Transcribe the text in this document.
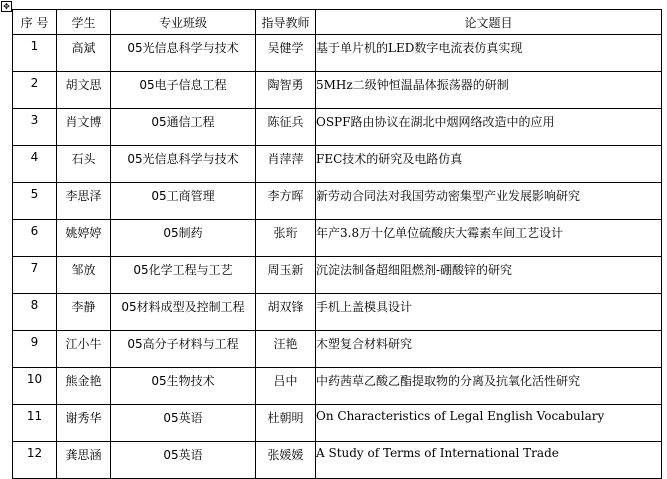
✥
序 号	学生	专业班级	指导教师	论文题目
1	高斌	05光信息科学与技术	吴健学	基于单片机的LED数字电流表仿真实现
2	胡文思	05电子信息工程	陶智勇	5MHz二级钟恒温晶体振荡器的研制
3	肖文博	05通信工程	陈征兵	OSPF路由协议在湖北中烟网络改造中的应用
4	石头	05光信息科学与技术	肖萍萍	FEC技术的研究及电路仿真
5	李思泽	05工商管理	李方晖	新劳动合同法对我国劳动密集型产业发展影响研究
6	姚婷婷	05制药	张珩	年产3.8万十亿单位硫酸庆大霉素车间工艺设计
7	邹放	05化学工程与工艺	周玉新	沉淀法制备超细阻燃剂-硼酸锌的研究
8	李静	05材料成型及控制工程	胡双锋	手机上盖模具设计
9	江小牛	05高分子材料与工程	汪艳	木塑复合材料研究
10	熊金艳	05生物技术	吕中	中药茜草乙酸乙酯提取物的分离及抗氧化活性研究
11	谢秀华	05英语	杜朝明	On Characteristics of Legal English Vocabulary
12	龚思涵	05英语	张媛媛	A Study of Terms of International Trade
